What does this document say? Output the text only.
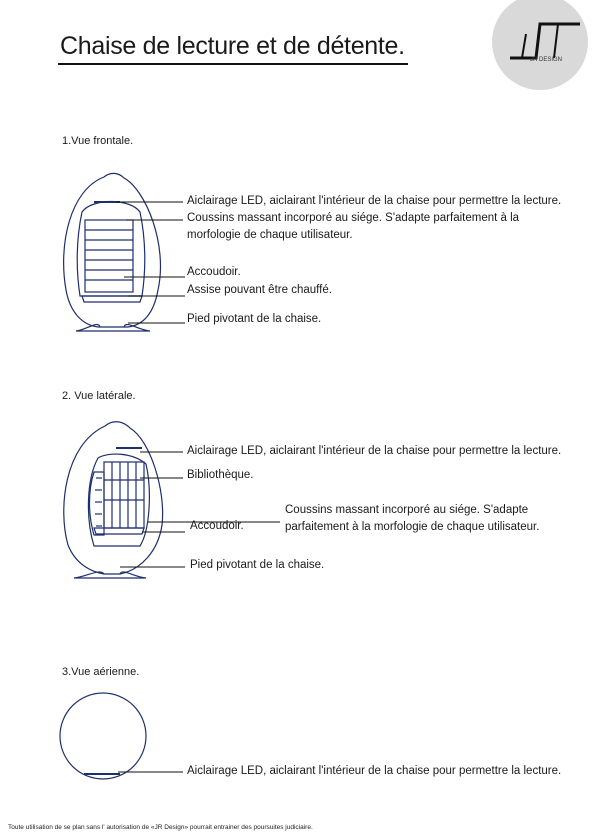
Chaise de lecture et de détente.	JR DESIGN
1.Vue frontale.
2. Vue latérale.
3.Vue aérienne.
Aiclairage LED, aiclairant l'intérieur de la chaise pour permettre la lecture.
Coussins massant incorporé au siége. S'adapte parfaitement à la
morfologie de chaque utilisateur.
Accoudoir.
Assise pouvant être chauffé.
Pied pivotant de la chaise.
Aiclairage LED, aiclairant l'intérieur de la chaise pour permettre la lecture.
Bibliothèque.
Coussins massant incorporé au siége. S'adapte
parfaitement à la morfologie de chaque utilisateur.
Accoudoir.
Pied pivotant de la chaise.
Aiclairage LED, aiclairant l'intérieur de la chaise pour permettre la lecture.
Toute utilisation de se plan sans l' autorisation de «JR Design» pourrait entrainer des poursuites judiciaire.
